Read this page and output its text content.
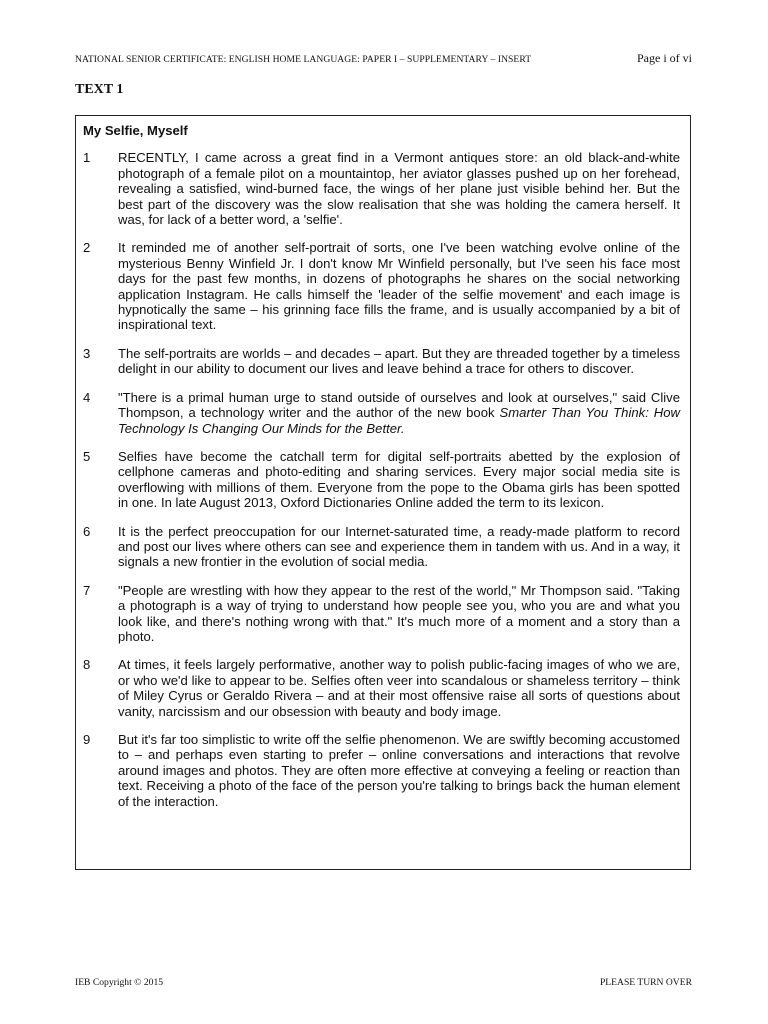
NATIONAL SENIOR CERTIFICATE: ENGLISH HOME LANGUAGE: PAPER I – SUPPLEMENTARY – INSERT	Page i of vi
TEXT 1
My Selfie, Myself
1	RECENTLY, I came across a great find in a Vermont antiques store: an old black-and-white photograph of a female pilot on a mountaintop, her aviator glasses pushed up on her forehead, revealing a satisfied, wind-burned face, the wings of her plane just visible behind her. But the best part of the discovery was the slow realisation that she was holding the camera herself. It was, for lack of a better word, a 'selfie'.
2	It reminded me of another self-portrait of sorts, one I've been watching evolve online of the mysterious Benny Winfield Jr. I don't know Mr Winfield personally, but I've seen his face most days for the past few months, in dozens of photographs he shares on the social networking application Instagram. He calls himself the 'leader of the selfie movement' and each image is hypnotically the same – his grinning face fills the frame, and is usually accompanied by a bit of inspirational text.
3	The self-portraits are worlds – and decades – apart. But they are threaded together by a timeless delight in our ability to document our lives and leave behind a trace for others to discover.
4	"There is a primal human urge to stand outside of ourselves and look at ourselves," said Clive Thompson, a technology writer and the author of the new book Smarter Than You Think: How Technology Is Changing Our Minds for the Better.
5	Selfies have become the catchall term for digital self-portraits abetted by the explosion of cellphone cameras and photo-editing and sharing services. Every major social media site is overflowing with millions of them. Everyone from the pope to the Obama girls has been spotted in one. In late August 2013, Oxford Dictionaries Online added the term to its lexicon.
6	It is the perfect preoccupation for our Internet-saturated time, a ready-made platform to record and post our lives where others can see and experience them in tandem with us. And in a way, it signals a new frontier in the evolution of social media.
7	"People are wrestling with how they appear to the rest of the world," Mr Thompson said. "Taking a photograph is a way of trying to understand how people see you, who you are and what you look like, and there's nothing wrong with that." It's much more of a moment and a story than a photo.
8	At times, it feels largely performative, another way to polish public-facing images of who we are, or who we'd like to appear to be. Selfies often veer into scandalous or shameless territory – think of Miley Cyrus or Geraldo Rivera – and at their most offensive raise all sorts of questions about vanity, narcissism and our obsession with beauty and body image.
9	But it's far too simplistic to write off the selfie phenomenon. We are swiftly becoming accustomed to – and perhaps even starting to prefer – online conversations and interactions that revolve around images and photos. They are often more effective at conveying a feeling or reaction than text. Receiving a photo of the face of the person you're talking to brings back the human element of the interaction.
IEB Copyright © 2015	PLEASE TURN OVER
